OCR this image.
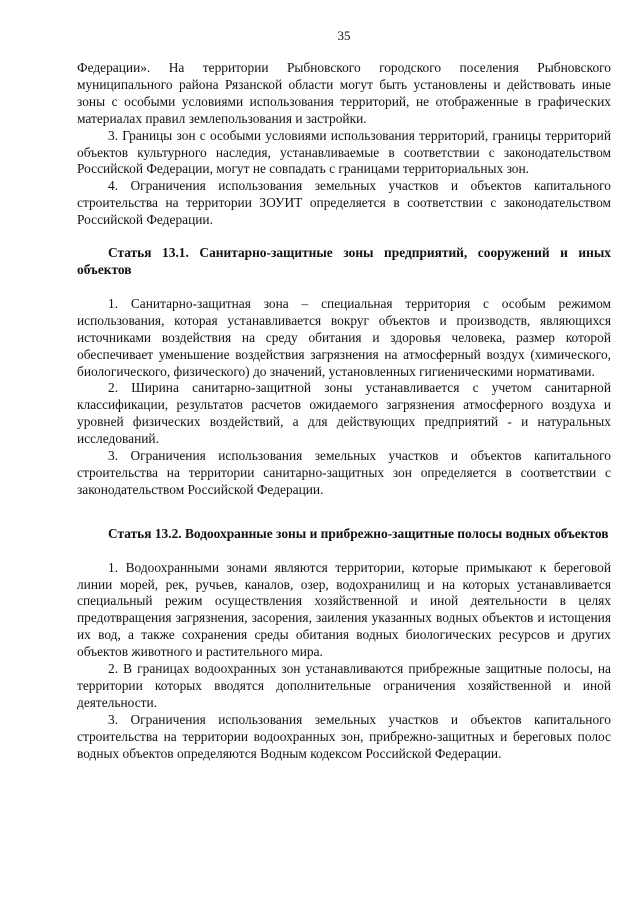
35

Федерации». На территории Рыбновского городского поселения Рыбновского муниципального района Рязанской области могут быть установлены и действовать иные зоны с особыми условиями использования территорий, не отображенные в графических материалах правил землепользования и застройки.

3. Границы зон с особыми условиями использования территорий, границы территорий объектов культурного наследия, устанавливаемые в соответствии с законодательством Российской Федерации, могут не совпадать с границами территориальных зон.

4. Ограничения использования земельных участков и объектов капитального строительства на территории ЗОУИТ определяется в соответствии с законодательством Российской Федерации.

Статья 13.1. Санитарно-защитные зоны предприятий, сооружений и иных объектов

1. Санитарно-защитная зона – специальная территория с особым режимом использования, которая устанавливается вокруг объектов и производств, являющихся источниками воздействия на среду обитания и здоровья человека, размер которой обеспечивает уменьшение воздействия загрязнения на атмосферный воздух (химического, биологического, физического) до значений, установленных гигиеническими нормативами.

2. Ширина санитарно-защитной зоны устанавливается с учетом санитарной классификации, результатов расчетов ожидаемого загрязнения атмосферного воздуха и уровней физических воздействий, а для действующих предприятий - и натуральных исследований.

3. Ограничения использования земельных участков и объектов капитального строительства на территории санитарно-защитных зон определяется в соответствии с законодательством Российской Федерации.

Статья 13.2. Водоохранные зоны и прибрежно-защитные полосы водных объектов

1. Водоохранными зонами являются территории, которые примыкают к береговой линии морей, рек, ручьев, каналов, озер, водохранилищ и на которых устанавливается специальный режим осуществления хозяйственной и иной деятельности в целях предотвращения загрязнения, засорения, заиления указанных водных объектов и истощения их вод, а также сохранения среды обитания водных биологических ресурсов и других объектов животного и растительного мира.

2. В границах водоохранных зон устанавливаются прибрежные защитные полосы, на территории которых вводятся дополнительные ограничения хозяйственной и иной деятельности.

3. Ограничения использования земельных участков и объектов капитального строительства на территории водоохранных зон, прибрежно-защитных и береговых полос водных объектов определяются Водным кодексом Российской Федерации.
